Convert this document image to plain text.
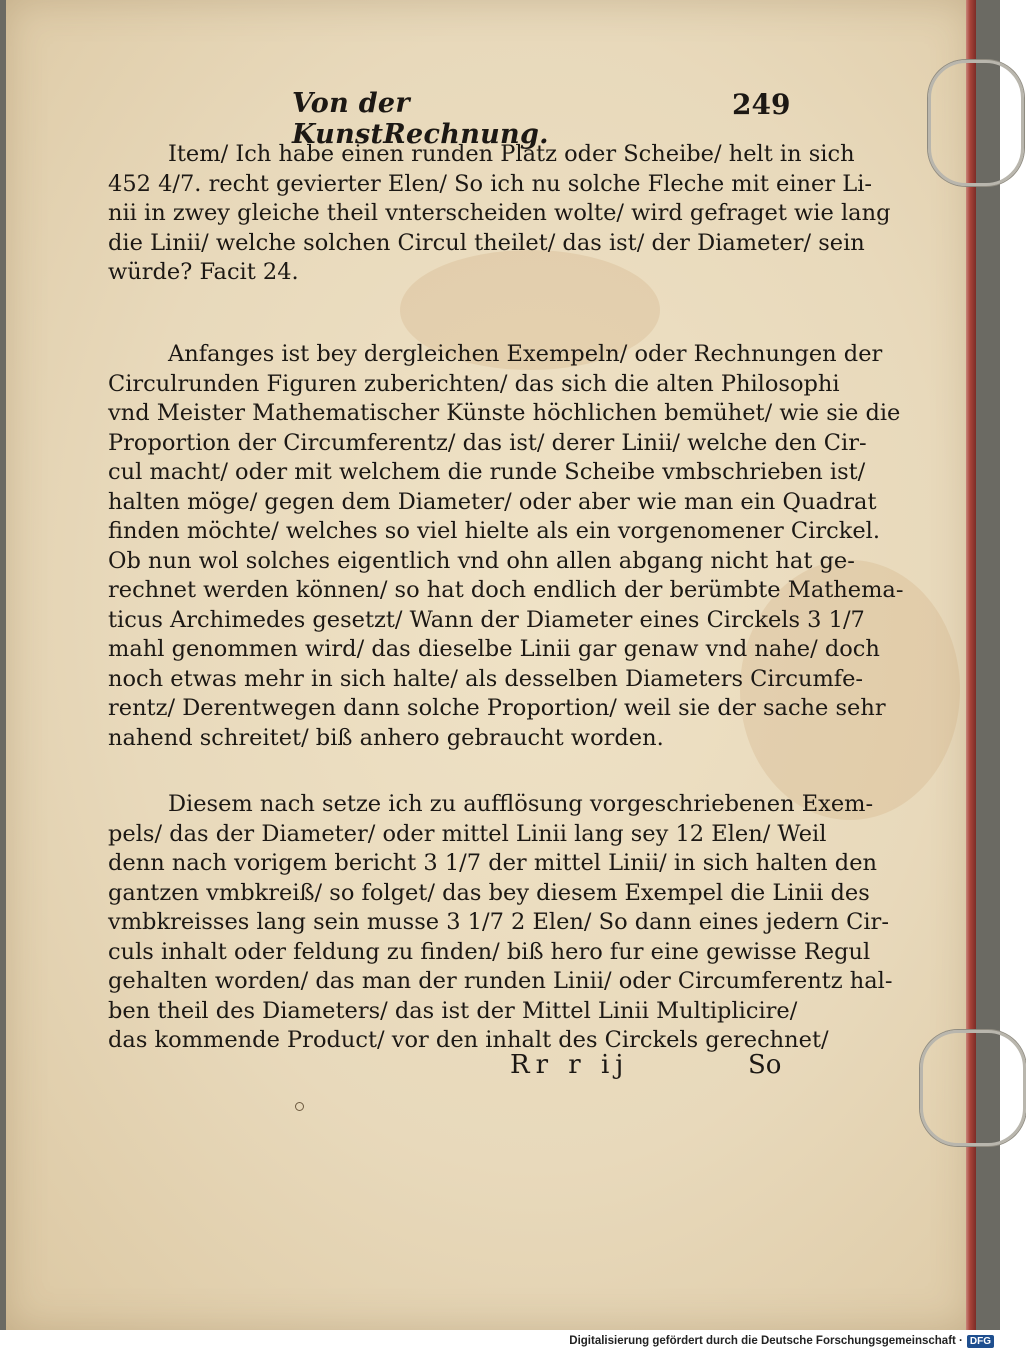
Von der KunstRechnung.
249
Item/ Ich habe einen runden Platz oder Scheibe/ helt in sich
452 4/7. recht gevierter Elen/ So ich nu solche Fleche mit einer Li-
nii in zwey gleiche theil vnterscheiden wolte/ wird gefraget wie lang
die Linii/ welche solchen Circul theilet/ das ist/ der Diameter/ sein
würde? Facit 24.
Anfanges ist bey dergleichen Exempeln/ oder Rechnungen der
Circulrunden Figuren zuberichten/ das sich die alten Philosophi
vnd Meister Mathematischer Künste höchlichen bemühet/ wie sie die
Proportion der Circumferentz/ das ist/ derer Linii/ welche den Cir-
cul macht/ oder mit welchem die runde Scheibe vmbschrieben ist/
halten möge/ gegen dem Diameter/ oder aber wie man ein Quadrat
finden möchte/ welches so viel hielte als ein vorgenomener Circkel.
Ob nun wol solches eigentlich vnd ohn allen abgang nicht hat ge-
rechnet werden können/ so hat doch endlich der berümbte Mathema-
ticus Archimedes gesetzt/ Wann der Diameter eines Circkels 3 1/7
mahl genommen wird/ das dieselbe Linii gar genaw vnd nahe/ doch
noch etwas mehr in sich halte/ als desselben Diameters Circumfe-
rentz/ Derentwegen dann solche Proportion/ weil sie der sache sehr
nahend schreitet/ biß anhero gebraucht worden.
Diesem nach setze ich zu aufflösung vorgeschriebenen Exem-
pels/ das der Diameter/ oder mittel Linii lang sey 12 Elen/ Weil
denn nach vorigem bericht 3 1/7 der mittel Linii/ in sich halten den
gantzen vmbkreiß/ so folget/ das bey diesem Exempel die Linii des
vmbkreisses lang sein musse 3 1/7 2 Elen/ So dann eines jedern Cir-
culs inhalt oder feldung zu finden/ biß hero fur eine gewisse Regul
gehalten worden/ das man der runden Linii/ oder Circumferentz hal-
ben theil des Diameters/ das ist der Mittel Linii Multiplicire/
das kommende Product/ vor den inhalt des Circkels gerechnet/
Rr r ij	So
Digitalisierung gefördert durch die Deutsche Forschungsgemeinschaft · DFG
